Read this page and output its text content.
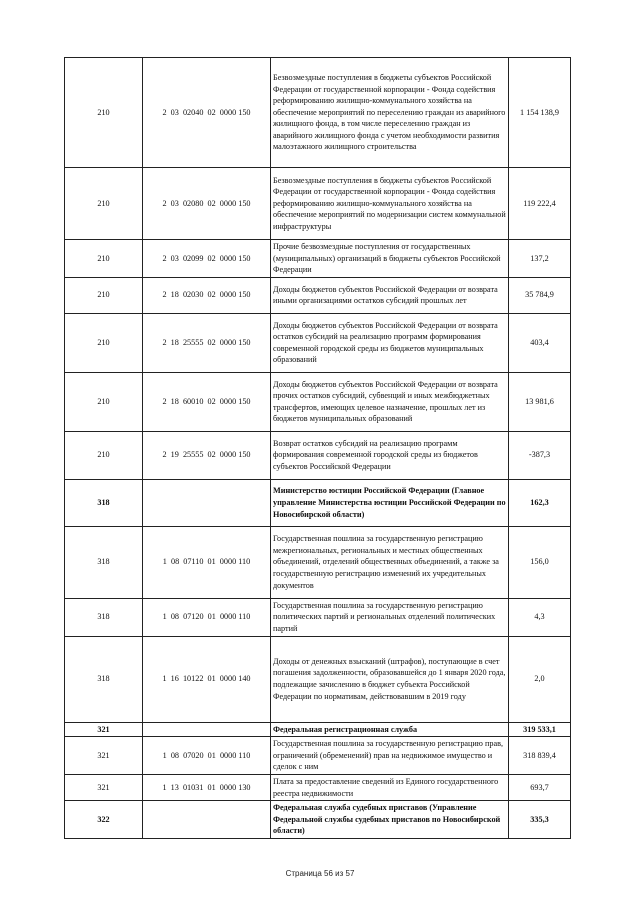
210	2  03  02040  02  0000 150	Безвозмездные поступления в бюджеты субъектов Российской Федерации от государственной корпорации - Фонда содействия реформированию жилищно-коммунального хозяйства на обеспечение мероприятий по переселению граждан из аварийного жилищного фонда, в том числе переселению граждан из аварийного жилищного фонда с учетом необходимости развития малоэтажного жилищного строительства	1 154 138,9
210	2  03  02080  02  0000 150	Безвозмездные поступления в бюджеты субъектов Российской Федерации от государственной корпорации - Фонда содействия реформированию жилищно-коммунального хозяйства на обеспечение мероприятий по модернизации систем коммунальной инфраструктуры	119 222,4
210	2  03  02099  02  0000 150	Прочие безвозмездные поступления от государственных (муниципальных) организаций в бюджеты субъектов Российской Федерации	137,2
210	2  18  02030  02  0000 150	Доходы бюджетов субъектов Российской Федерации от возврата иными организациями остатков субсидий прошлых лет	35 784,9
210	2  18  25555  02  0000 150	Доходы бюджетов субъектов Российской Федерации от возврата остатков субсидий на реализацию программ формирования современной городской среды из бюджетов муниципальных образований	403,4
210	2  18  60010  02  0000 150	Доходы бюджетов субъектов Российской Федерации от возврата прочих остатков субсидий, субвенций и иных межбюджетных трансфертов, имеющих целевое назначение, прошлых лет из бюджетов муниципальных образований	13 981,6
210	2  19  25555  02  0000 150	Возврат остатков субсидий на реализацию программ формирования современной городской среды из бюджетов субъектов Российской Федерации	-387,3
318		Министерство юстиции Российской Федерации (Главное управление Министерства юстиции Российской Федерации по Новосибирской области)	162,3
318	1  08  07110  01  0000 110	Государственная пошлина за государственную регистрацию межрегиональных, региональных и местных общественных объединений, отделений общественных объединений, а также за государственную регистрацию изменений их учредительных документов	156,0
318	1  08  07120  01  0000 110	Государственная пошлина за государственную регистрацию политических партий и региональных отделений политических партий	4,3
318	1  16  10122  01  0000 140	Доходы от денежных взысканий (штрафов), поступающие в счет погашения задолженности, образовавшейся до 1 января 2020 года, подлежащие зачислению в бюджет субъекта Российской Федерации по нормативам, действовавшим в 2019 году	2,0
321		Федеральная регистрационная служба	319 533,1
321	1  08  07020  01  0000 110	Государственная пошлина за государственную регистрацию прав, ограничений (обременений) прав на недвижимое имущество и сделок с ним	318 839,4
321	1  13  01031  01  0000 130	Плата за предоставление сведений из Единого государственного реестра недвижимости	693,7
322		Федеральная служба судебных приставов (Управление Федеральной службы судебных приставов по Новосибирской области)	335,3
Страница 56 из 57
